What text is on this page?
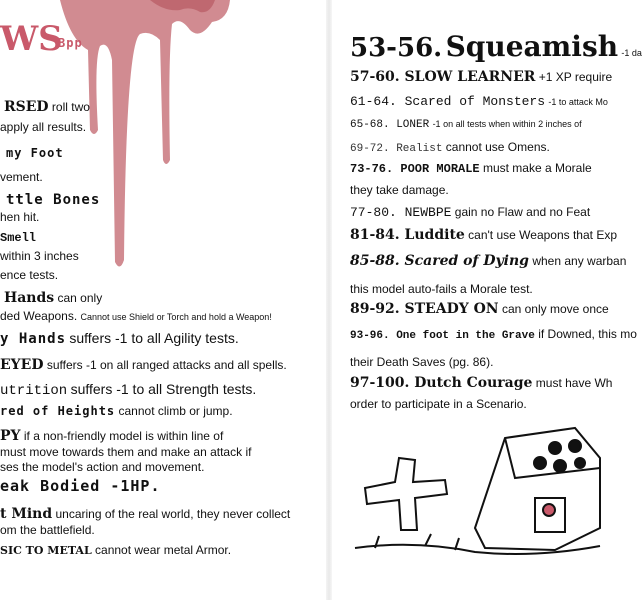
WS
Bpp
RSED roll two
apply all results.
my Foot
vement.
ttle Bones
hen hit.
Smell
within 3 inches
ence tests.
Hands can only
ded Weapons. Cannot use Shield or Torch and hold a Weapon!
y Hands suffers -1 to all Agility tests.
EYED suffers -1 on all ranged attacks and all spells.
utrition suffers -1 to all Strength tests.
red of Heights cannot climb or jump.
PY if a non-friendly model is within line of
must move towards them and make an attack if
ses the model's action and movement.
eak Bodied -1HP.
t Mind uncaring of the real world, they never collect
om the battlefield.
SIC TO METAL cannot wear metal Armor.
53-56. Squeamish -1 da
57-60. SLOW LEARNER +1 XP require
61-64. Scared of Monsters -1 to attack Mo
65-68. LONER -1 on all tests when within 2 inches of
69-72. Realist cannot use Omens.
73-76. POOR MORALE must make a Morale
they take damage.
77-80. NEWBPE gain no Flaw and no Feat
81-84. Luddite can't use Weapons that Exp
85-88. Scared of Dying when any warban
this model auto-fails a Morale test.
89-92. STEADY ON can only move once
93-96. One foot in the Grave if Downed, this mo
their Death Saves (pg. 86).
97-100. Dutch Courage must have Wh
order to participate in a Scenario.
